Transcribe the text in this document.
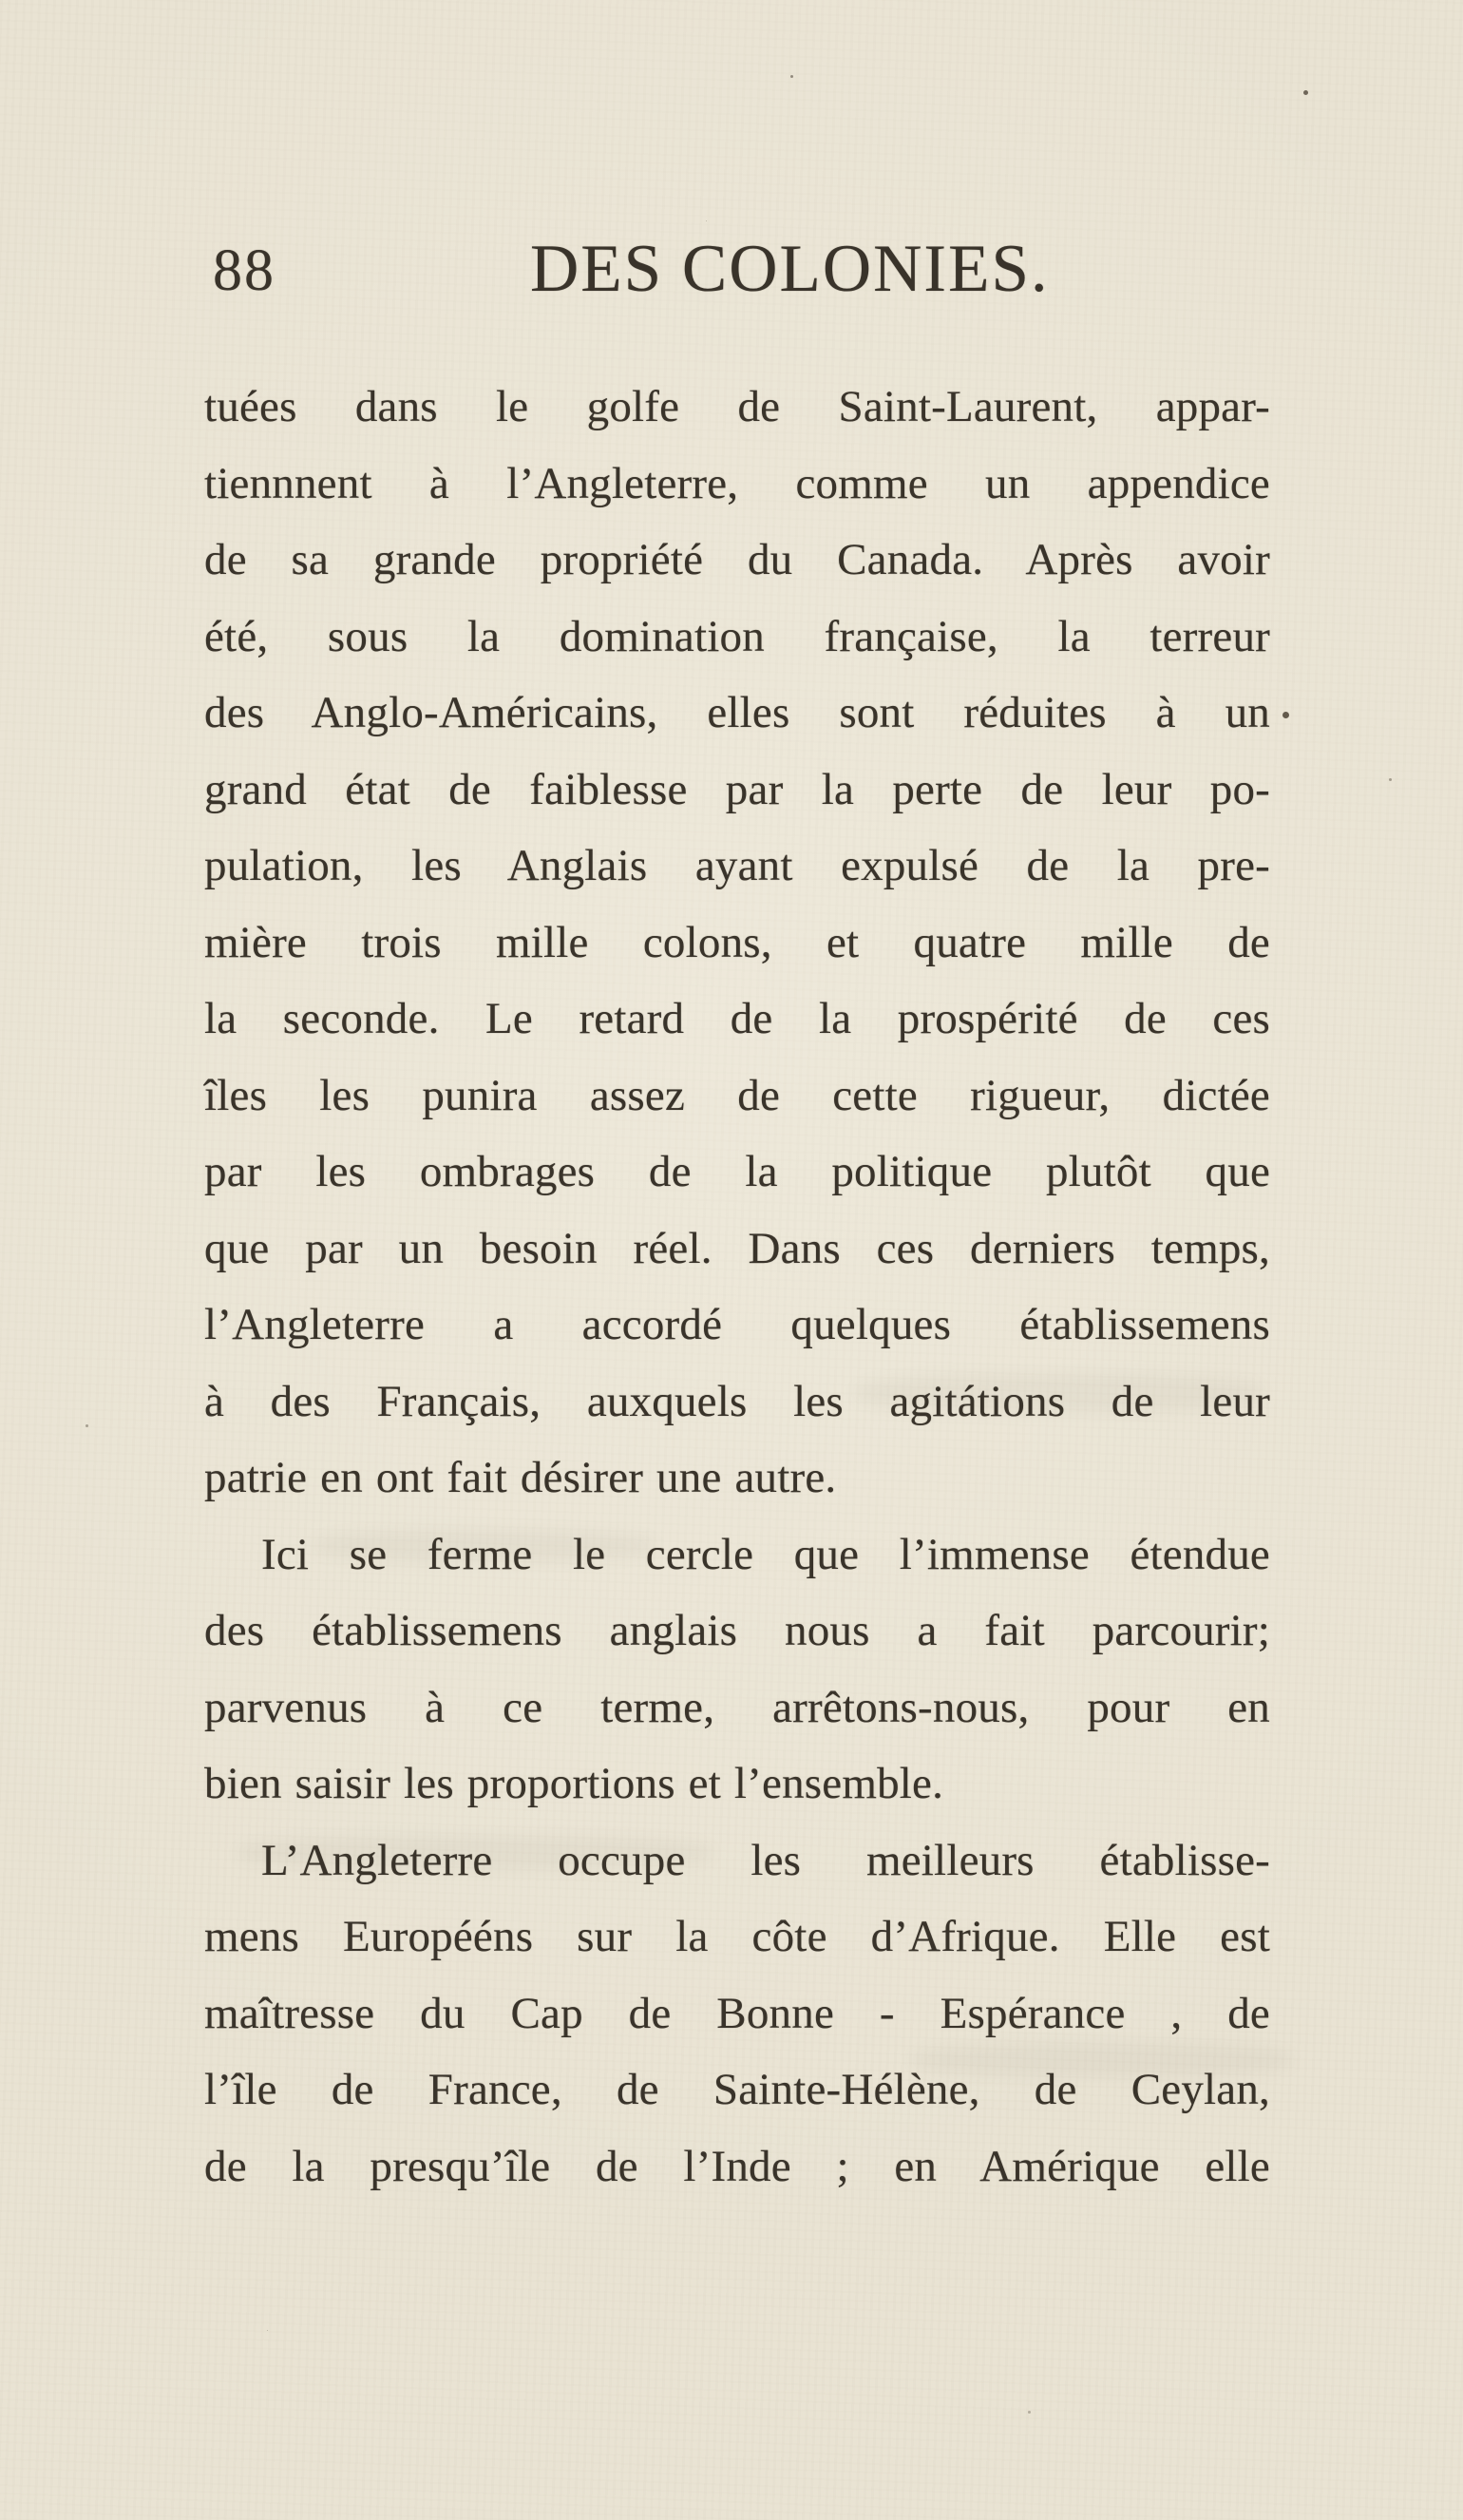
88	DES COLONIES.
tuées dans le golfe de Saint-Laurent, appar-
tiennnent à l’Angleterre, comme un appendice
de sa grande propriété du Canada. Après avoir
été, sous la domination française, la terreur
des Anglo-Américains, elles sont réduites à un
grand état de faiblesse par la perte de leur po-
pulation, les Anglais ayant expulsé de la pre-
mière trois mille colons, et quatre mille de
la seconde. Le retard de la prospérité de ces
îles les punira assez de cette rigueur, dictée
par les ombrages de la politique plutôt que
que par un besoin réel. Dans ces derniers temps,
l’Angleterre a accordé quelques établissemens
à des Français, auxquels les agitátions de leur
patrie en ont fait désirer une autre.
Ici se ferme le cercle que l’immense étendue
des établissemens anglais nous a fait parcourir;
parvenus à ce terme, arrêtons-nous, pour en
bien saisir les proportions et l’ensemble.
L’Angleterre occupe les meilleurs établisse-
mens Europééns sur la côte d’Afrique. Elle est
maîtresse du Cap de Bonne - Espérance , de
l’île de France, de Sainte-Hélène, de Ceylan,
de la presqu’île de l’Inde ; en Amérique elle
